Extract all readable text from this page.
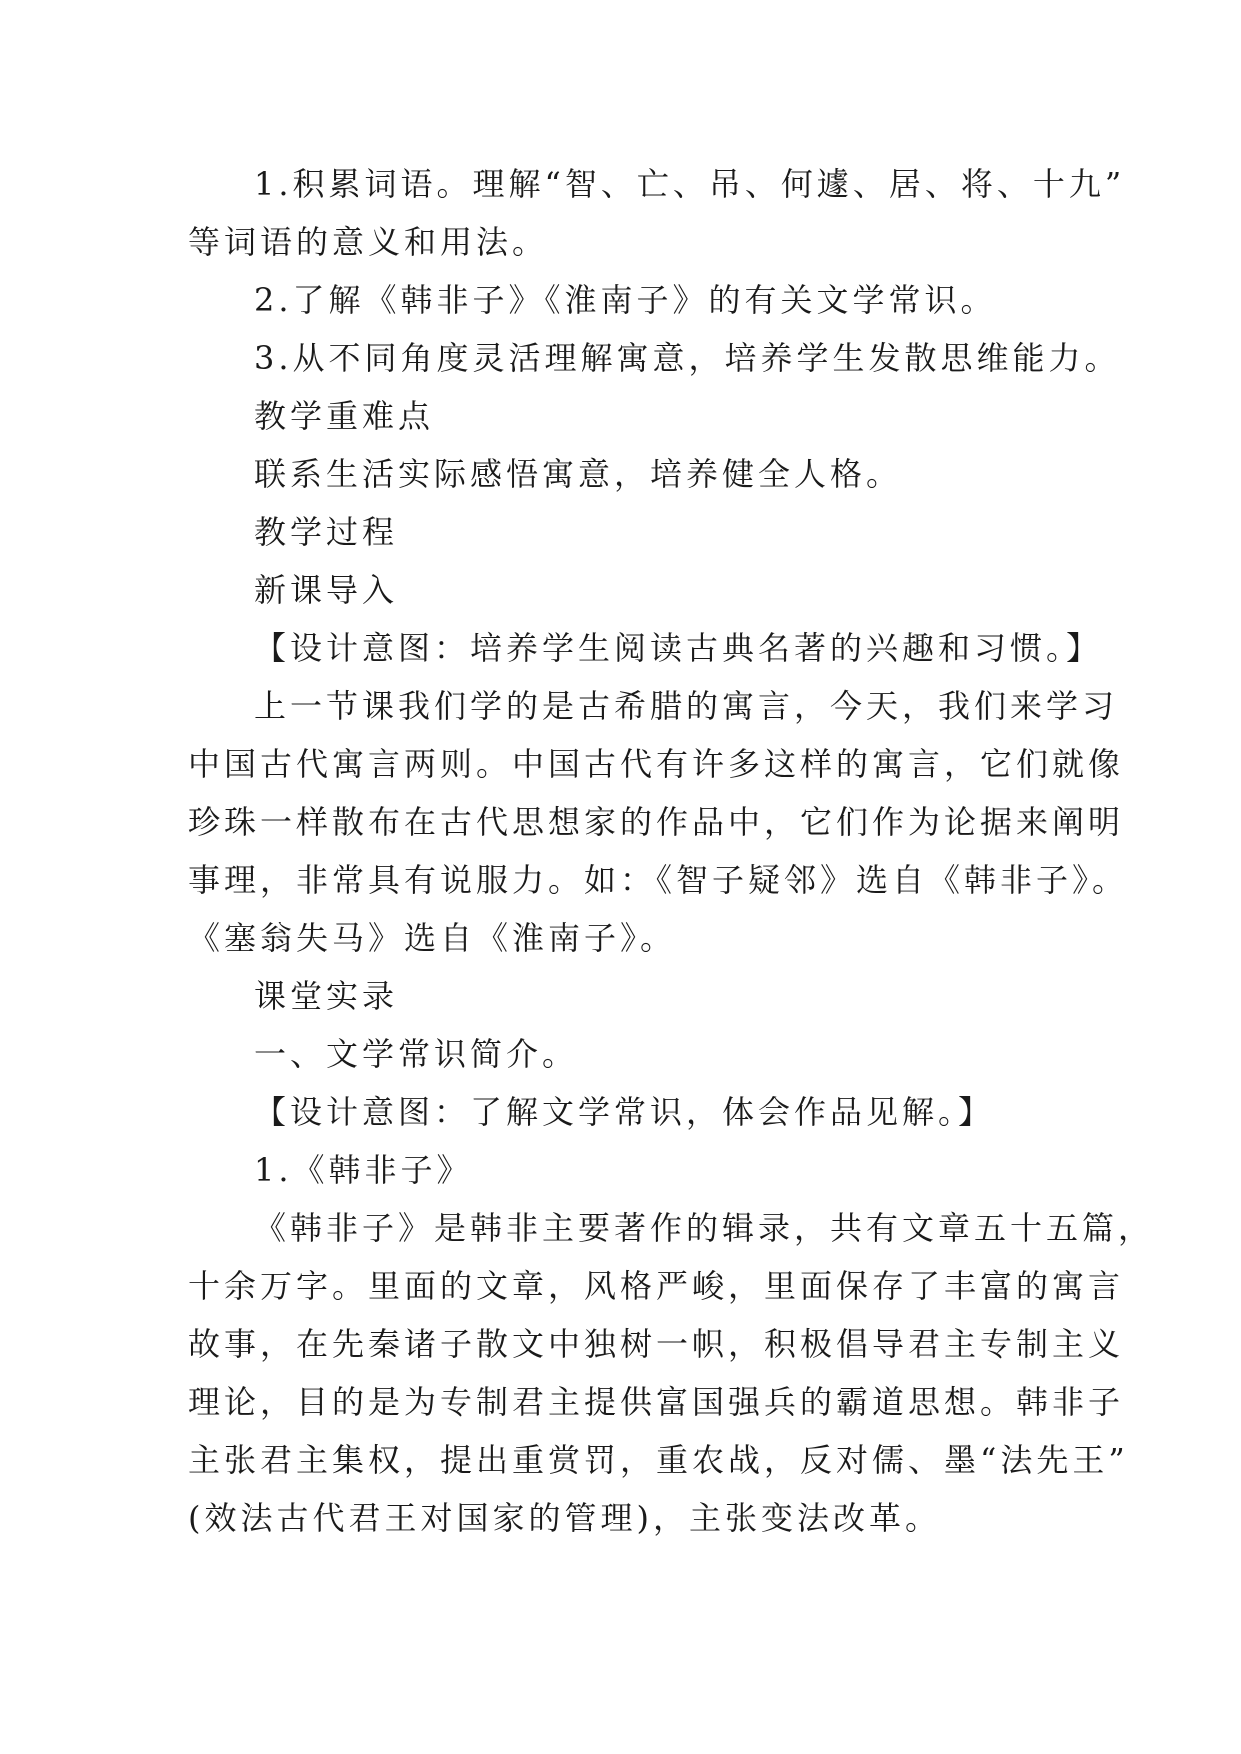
1.积累词语。理解“智、亡、吊、何遽、居、将、十九”
等词语的意义和用法。
2.了解《韩非子》《淮南子》的有关文学常识。
3.从不同角度灵活理解寓意，培养学生发散思维能力。
教学重难点
联系生活实际感悟寓意，培养健全人格。
教学过程
新课导入
【设计意图：培养学生阅读古典名著的兴趣和习惯。】
上一节课我们学的是古希腊的寓言，今天，我们来学习
中国古代寓言两则。中国古代有许多这样的寓言，它们就像
珍珠一样散布在古代思想家的作品中，它们作为论据来阐明
事理，非常具有说服力。如：《智子疑邻》选自《韩非子》。
《塞翁失马》选自《淮南子》。
课堂实录
一、文学常识简介。
【设计意图：了解文学常识，体会作品见解。】
1.《韩非子》
《韩非子》是韩非主要著作的辑录，共有文章五十五篇，
十余万字。里面的文章，风格严峻，里面保存了丰富的寓言
故事，在先秦诸子散文中独树一帜，积极倡导君主专制主义
理论，目的是为专制君主提供富国强兵的霸道思想。韩非子
主张君主集权，提出重赏罚，重农战，反对儒、墨“法先王”
(效法古代君王对国家的管理)，主张变法改革。
